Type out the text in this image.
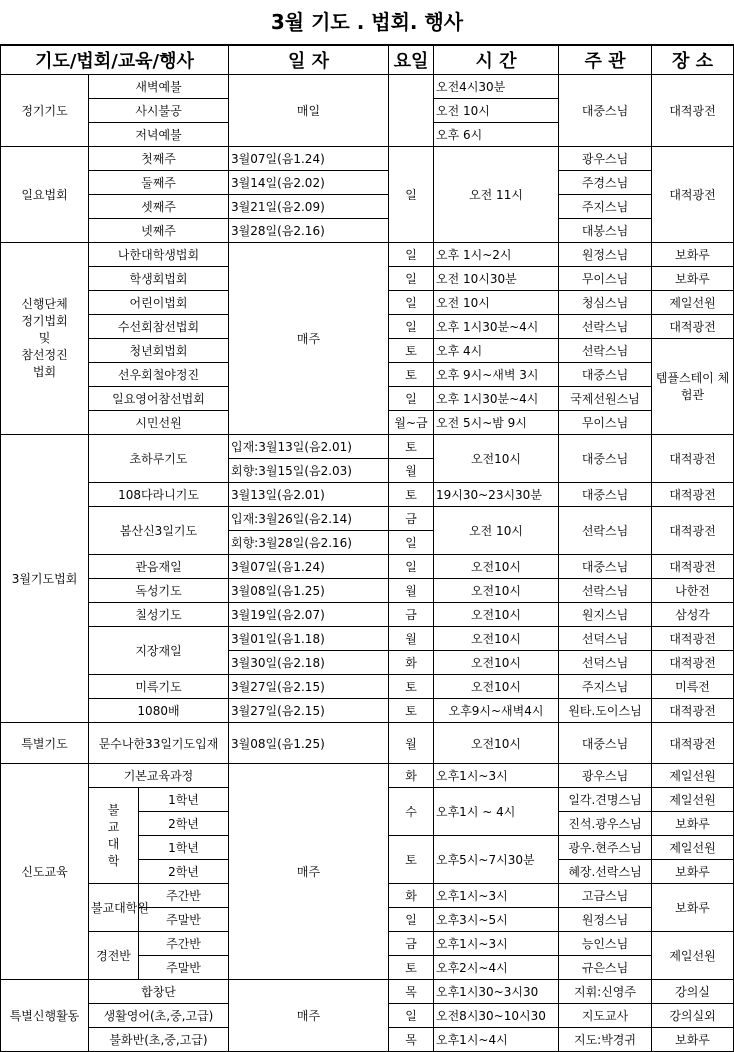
3월 기도 . 법회. 행사
기도/법회/교육/행사			일 자	요일	시 간	주 관	장 소
정기기도	새벽예불		매일		오전4시30분	대중스님	대적광전
	사시불공				오전 10시		
	저녁예불				오후 6시		
일요법회	첫째주		3월07일(음1.24)	일	오전 11시	광우스님	대적광전
	둘째주		3월14일(음2.02)			주경스님	
	셋째주		3월21일(음2.09)			주지스님	
	넷째주		3월28일(음2.16)			대봉스님	

신행단체
정기법회
및
참선정진
법회	나한대학생법회		매주	일	오후 1시~2시	원정스님	보화루
	학생회법회			일	오전 10시30분	무이스님	보화루
	어린이법회			일	오전 10시	청심스님	제일선원
	수선회참선법회			일	오후 1시30분~4시	선락스님	대적광전
	청년회법회			토	오후 4시	선락스님	템플스테이 체험관
	선우회철야정진			토	오후 9시~새벽 3시	대중스님	
	일요영어참선법회			일	오후 1시30분~4시	국제선원스님	
	시민선원			월~금	오전 5시~밤 9시	무이스님	
3월기도법회	초하루기도		입재:3월13일(음2.01)	토	오전10시	대중스님	대적광전
			회향:3월15일(음2.03)	월			
	108다라니기도		3월13일(음2.01)	토	19시30~23시30분	대중스님	대적광전
	봄산신3일기도		입재:3월26일(음2.14)	금	오전 10시	선락스님	대적광전
			회향:3월28일(음2.16)	일			
	관음재일		3월07일(음1.24)	일	오전10시	대중스님	대적광전
	독성기도		3월08일(음1.25)	월	오전10시	선락스님	나한전
	칠성기도		3월19일(음2.07)	금	오전10시	원지스님	삼성각
	지장재일		3월01일(음1.18)	월	오전10시	선덕스님	대적광전
			3월30일(음2.18)	화	오전10시	선덕스님	대적광전
	미륵기도		3월27일(음2.15)	토	오전10시	주지스님	미륵전
	1080배		3월27일(음2.15)	토	오후9시~새벽4시	원타.도이스님	대적광전
특별기도	문수나한33일기도입재		3월08일(음1.25)	월	오전10시	대중스님	대적광전
신도교육	기본교육과정		매주	화	오후1시~3시	광우스님	제일선원

	불
교
대
학	1학년		수	오후1시 ~ 4시	일각.견명스님	제일선원
		2학년				진석.광우스님	보화루
		1학년		토	오후5시~7시30분	광우.현주스님	제일선원
		2학년				혜장.선락스님	보화루
	불교대학원	주간반		화	오후1시~3시	고금스님	보화루
		주말반		일	오후3시~5시	원정스님	
	경전반	주간반		금	오후1시~3시	능인스님	제일선원
		주말반		토	오후2시~4시	규은스님	
특별신행활동	합창단		매주	목	오후1시30~3시30	지휘:신영주	강의실
	생활영어(초,중,고급)			일	오전8시30~10시30	지도교사	강의실외
	불화반(초,중,고급)			목	오후1시~4시	지도:박경귀	보화루
